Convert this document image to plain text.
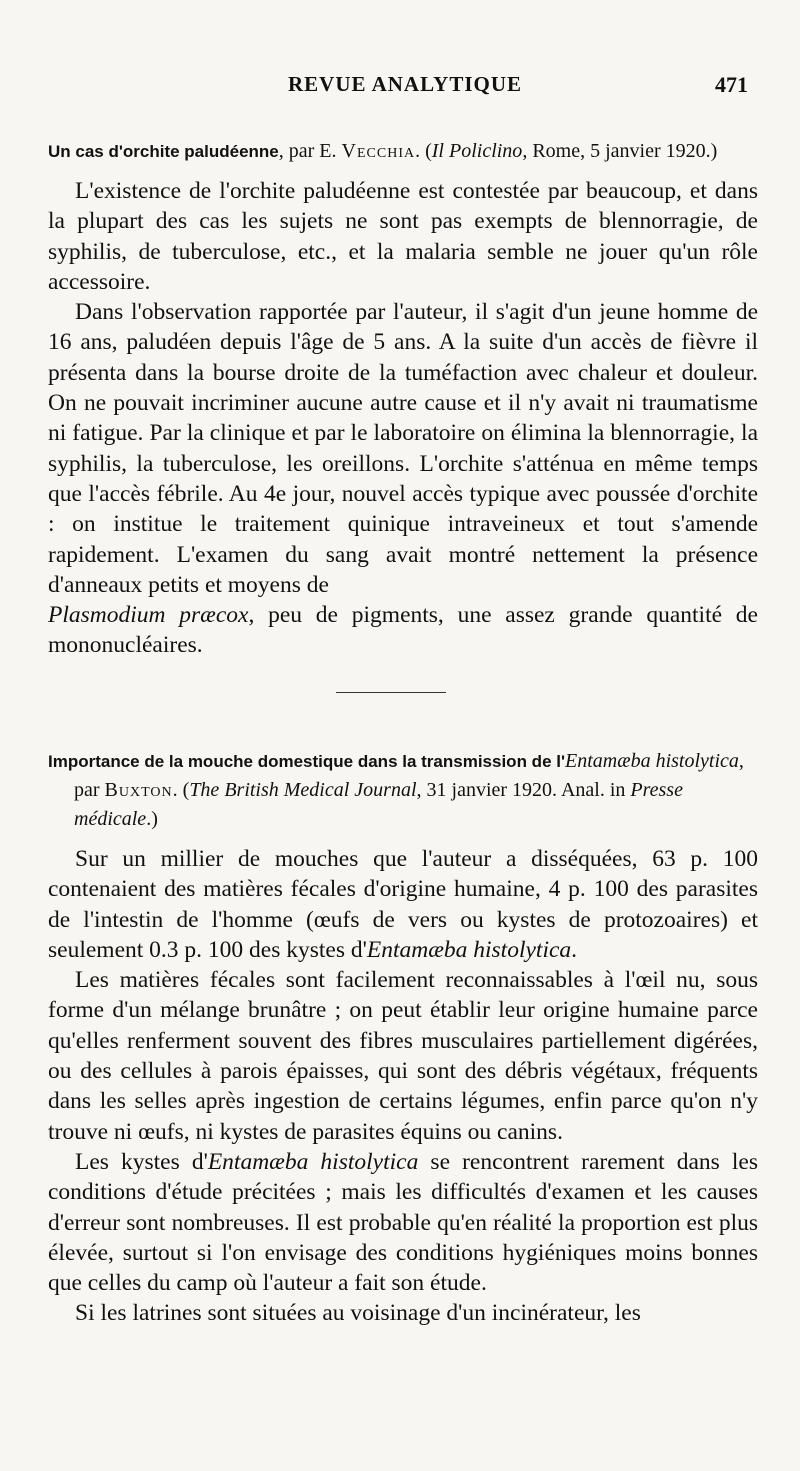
REVUE ANALYTIQUE	471

Un cas d'orchite paludéenne, par E. Vecchia. (Il Policlino, Rome, 5 janvier 1920.)

L'existence de l'orchite paludéenne est contestée par beaucoup, et dans la plupart des cas les sujets ne sont pas exempts de blennorragie, de syphilis, de tuberculose, etc., et la malaria semble ne jouer qu'un rôle accessoire.

Dans l'observation rapportée par l'auteur, il s'agit d'un jeune homme de 16 ans, paludéen depuis l'âge de 5 ans. A la suite d'un accès de fièvre il présenta dans la bourse droite de la tuméfaction avec chaleur et douleur. On ne pouvait incriminer aucune autre cause et il n'y avait ni traumatisme ni fatigue. Par la clinique et par le laboratoire on élimina la blennorragie, la syphilis, la tuberculose, les oreillons. L'orchite s'atténua en même temps que l'accès fébrile. Au 4e jour, nouvel accès typique avec poussée d'orchite : on institue le traitement quinique intraveineux et tout s'amende rapidement. L'examen du sang avait montré nettement la présence d'anneaux petits et moyens de

Plasmodium præcox, peu de pigments, une assez grande quantité de mononucléaires.

Importance de la mouche domestique dans la transmission de l'Entamæba histolytica, par Buxton. (The British Medical Journal, 31 janvier 1920. Anal. in Presse médicale.)

Sur un millier de mouches que l'auteur a disséquées, 63 p. 100 contenaient des matières fécales d'origine humaine, 4 p. 100 des parasites de l'intestin de l'homme (œufs de vers ou kystes de protozoaires) et seulement 0.3 p. 100 des kystes d'Entamæba histolytica.

Les matières fécales sont facilement reconnaissables à l'œil nu, sous forme d'un mélange brunâtre ; on peut établir leur origine humaine parce qu'elles renferment souvent des fibres musculaires partiellement digérées, ou des cellules à parois épaisses, qui sont des débris végétaux, fréquents dans les selles après ingestion de certains légumes, enfin parce qu'on n'y trouve ni œufs, ni kystes de parasites équins ou canins.

Les kystes d'Entamæba histolytica se rencontrent rarement dans les conditions d'étude précitées ; mais les difficultés d'examen et les causes d'erreur sont nombreuses. Il est probable qu'en réalité la proportion est plus élevée, surtout si l'on envisage des conditions hygiéniques moins bonnes que celles du camp où l'auteur a fait son étude.

Si les latrines sont situées au voisinage d'un incinérateur, les
